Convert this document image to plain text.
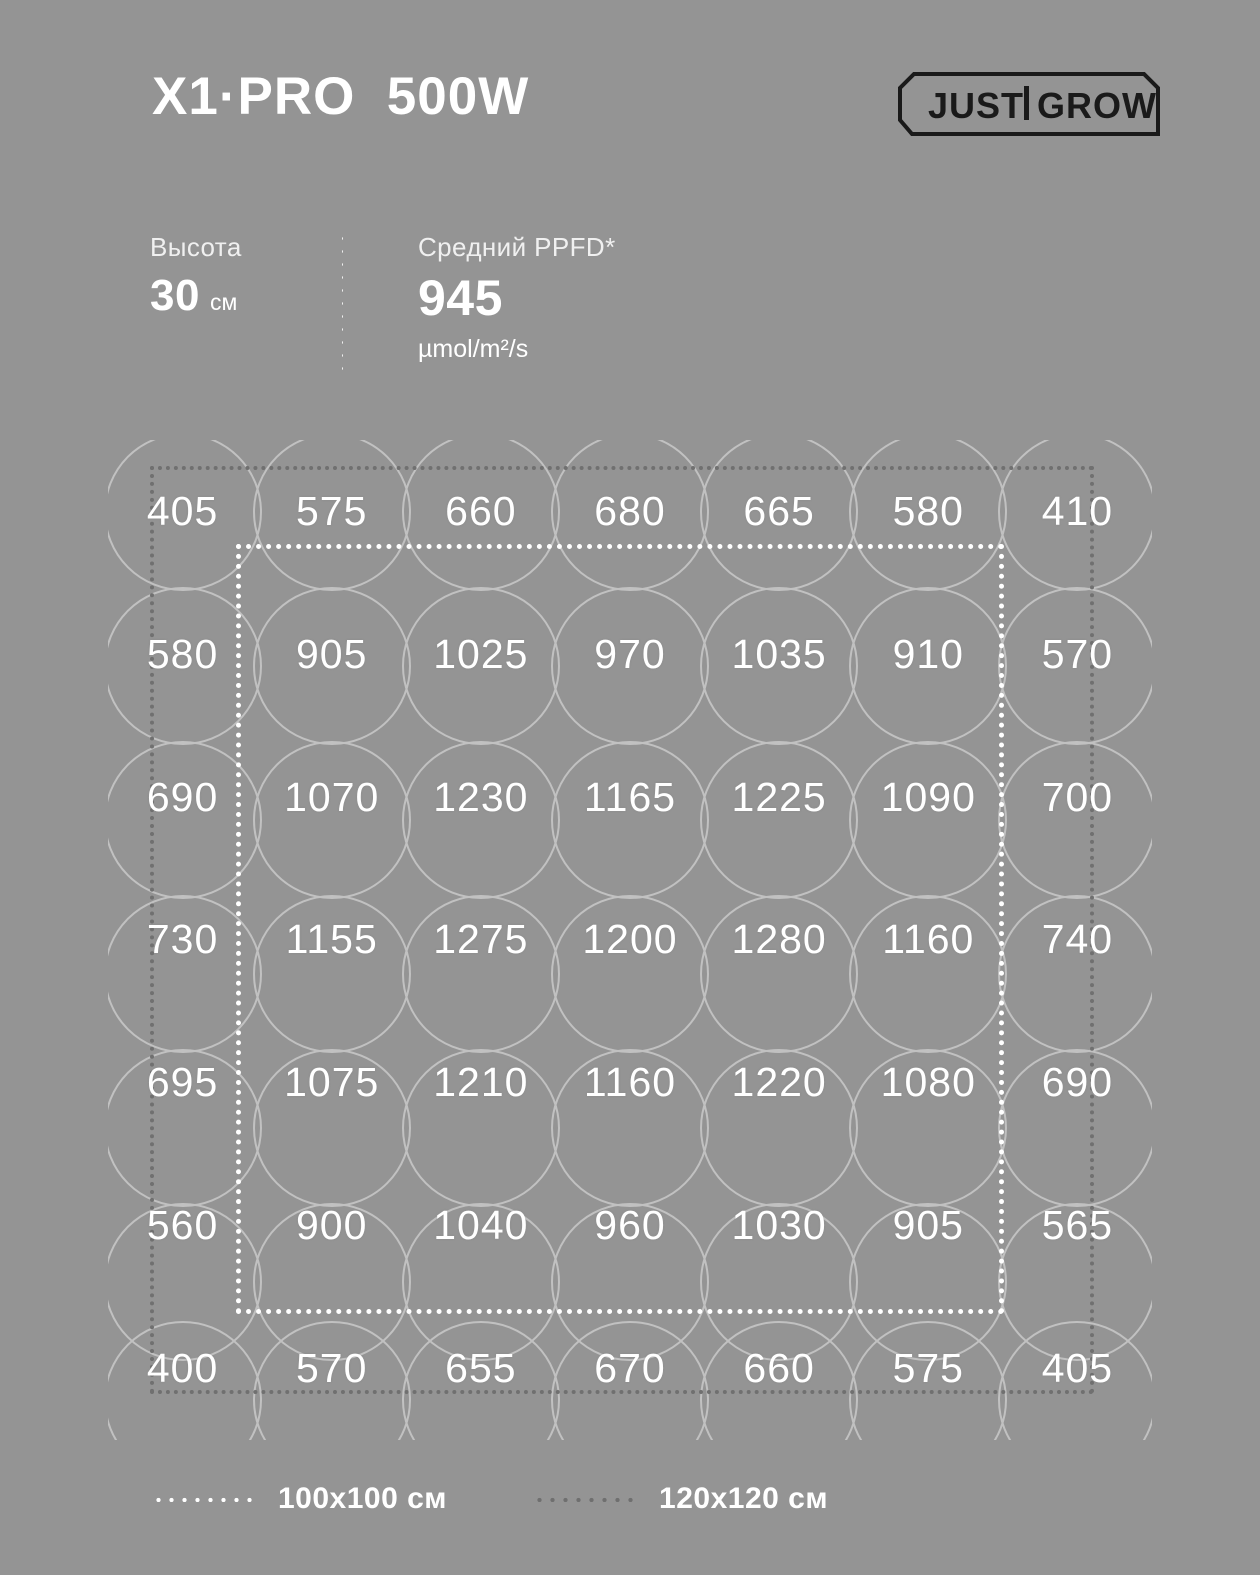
X1·PRO  500W	JUST GROW
Высота
30 см
Средний PPFD*
945
µmol/m²/s
405	575	660	680	665	580	410
580	905	1025	970	1035	910	570
690	1070	1230	1165	1225	1090	700
730	1155	1275	1200	1280	1160	740
695	1075	1210	1160	1220	1080	690
560	900	1040	960	1030	905	565
400	570	655	670	660	575	405
100x100 см	120x120 см
